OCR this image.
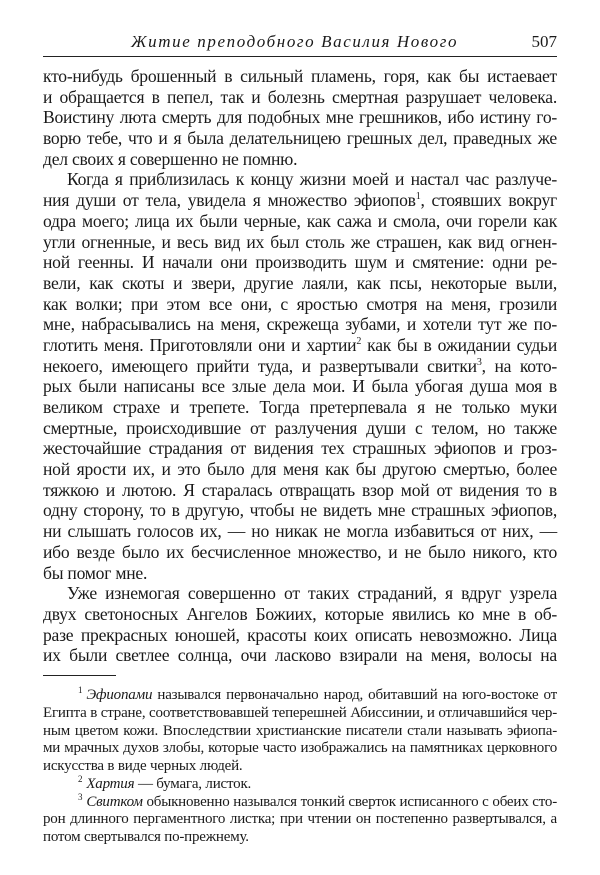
Житие преподобного Василия Нового	507
кто-нибудь брошенный в сильный пламень, горя, как бы истаевает
и обращается в пепел, так и болезнь смертная разрушает человека.
Воистину люта смерть для подобных мне грешников, ибо истину го-
ворю тебе, что и я была делательницею грешных дел, праведных же
дел своих я совершенно не помню.
Когда я приблизилась к концу жизни моей и настал час разлуче-
ния души от тела, увидела я множество эфиопов$^1$, стоявших вокруг
одра моего; лица их были черные, как сажа и смола, очи горели как
угли огненные, и весь вид их был столь же страшен, как вид огнен-
ной геенны. И начали они производить шум и смятение: одни ре-
вели, как скоты и звери, другие лаяли, как псы, некоторые выли,
как волки; при этом все они, с яростью смотря на меня, грозили
мне, набрасывались на меня, скрежеща зубами, и хотели тут же по-
глотить меня. Приготовляли они и хартии$^2$ как бы в ожидании судьи
некоего, имеющего прийти туда, и развертывали свитки$^3$, на кото-
рых были написаны все злые дела мои. И была убогая душа моя в
великом страхе и трепете. Тогда претерпевала я не только муки
смертные, происходившие от разлучения души с телом, но также
жесточайшие страдания от видения тех страшных эфиопов и гроз-
ной ярости их, и это было для меня как бы другою смертью, более
тяжкою и лютою. Я старалась отвращать взор мой от видения то в
одну сторону, то в другую, чтобы не видеть мне страшных эфиопов,
ни слышать голосов их, — но никак не могла избавиться от них, —
ибо везде было их бесчисленное множество, и не было никого, кто
бы помог мне.
Уже изнемогая совершенно от таких страданий, я вдруг узрела
двух светоносных Ангелов Божиих, которые явились ко мне в об-
разе прекрасных юношей, красоты коих описать невозможно. Лица
их были светлее солнца, очи ласково взирали на меня, волосы на
$^1$ Эфиопами назывался первоначально народ, обитавший на юго-востоке от
Египта в стране, соответствовавшей теперешней Абиссинии, и отличавшийся чер-
ным цветом кожи. Впоследствии христианские писатели стали называть эфиопа-
ми мрачных духов злобы, которые часто изображались на памятниках церковного
искусства в виде черных людей.
$^2$ Хартия — бумага, листок.
$^3$ Свитком обыкновенно назывался тонкий сверток исписанного с обеих сто-
рон длинного пергаментного листка; при чтении он постепенно развертывался, а
потом свертывался по-прежнему.
